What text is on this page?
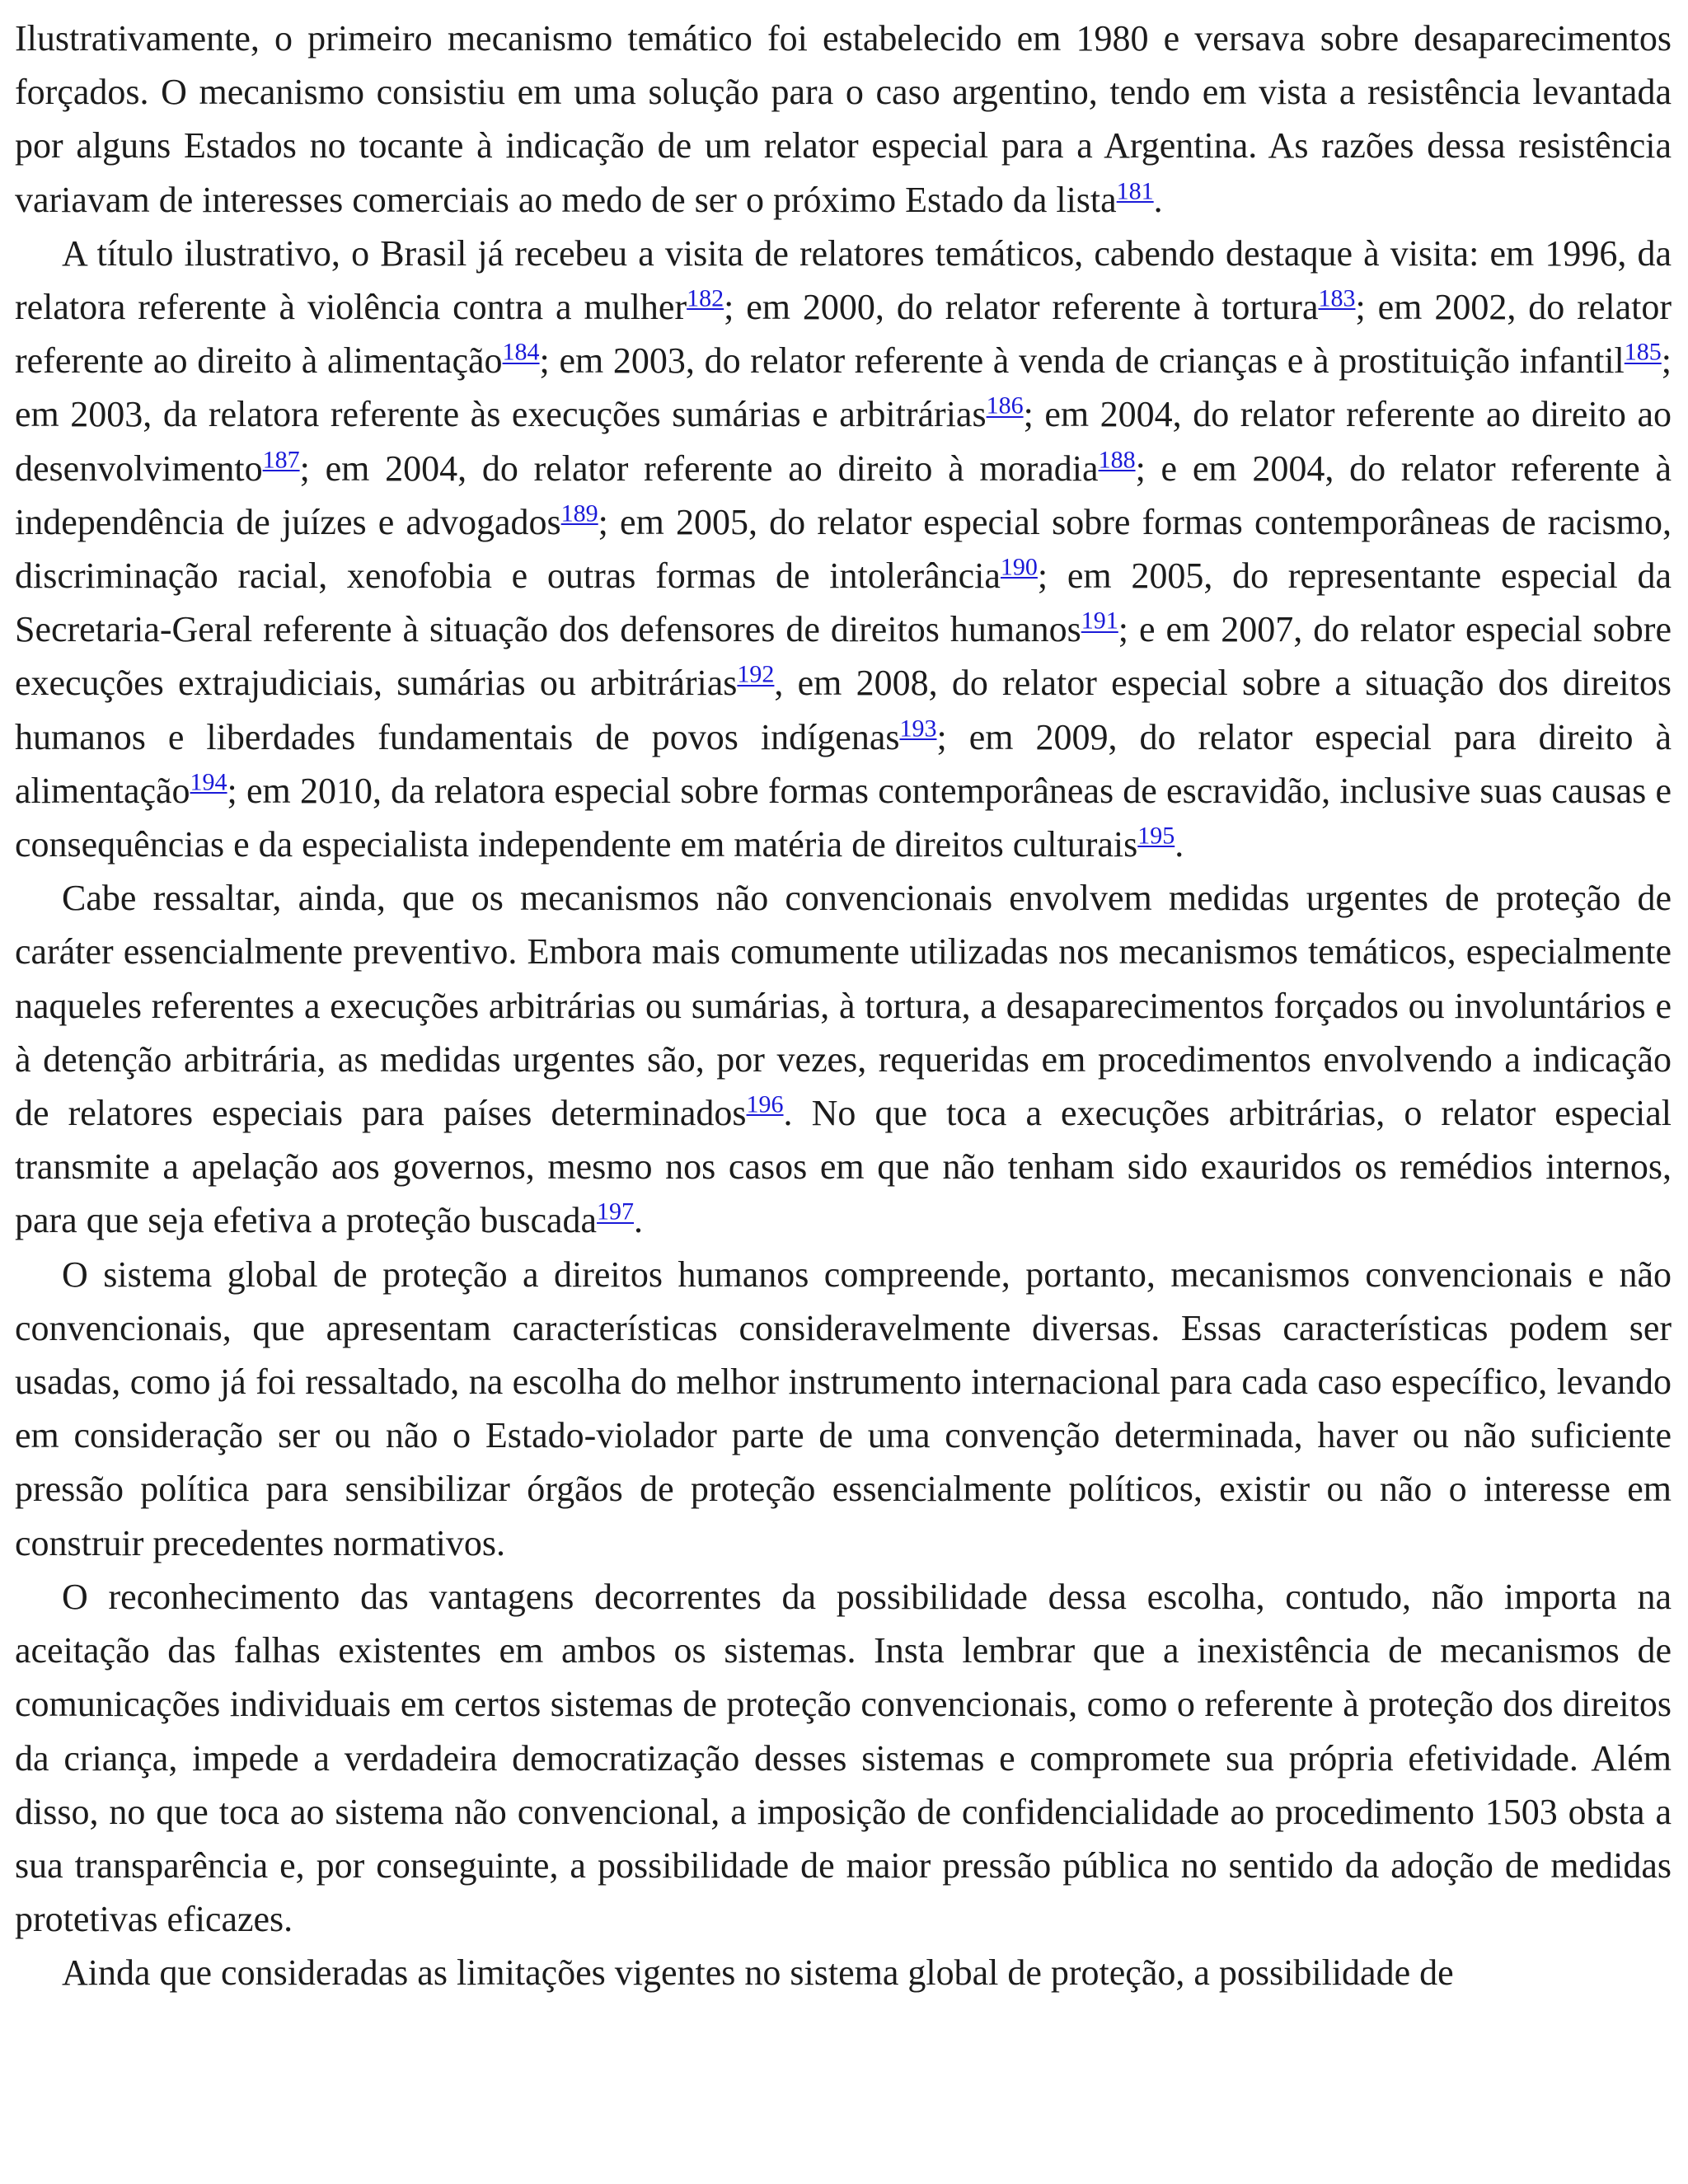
Ilustrativamente, o primeiro mecanismo temático foi estabelecido em 1980 e versava sobre desaparecimentos forçados. O mecanismo consistiu em uma solução para o caso argentino, tendo em vista a resistência levantada por alguns Estados no tocante à indicação de um relator especial para a Argentina. As razões dessa resistência variavam de interesses comerciais ao medo de ser o próximo Estado da lista$^{181}$.

A título ilustrativo, o Brasil já recebeu a visita de relatores temáticos, cabendo destaque à visita: em 1996, da relatora referente à violência contra a mulher$^{182}$; em 2000, do relator referente à tortura$^{183}$; em 2002, do relator referente ao direito à alimentação$^{184}$; em 2003, do relator referente à venda de crianças e à prostituição infantil$^{185}$; em 2003, da relatora referente às execuções sumárias e arbitrárias$^{186}$; em 2004, do relator referente ao direito ao desenvolvimento$^{187}$; em 2004, do relator referente ao direito à moradia$^{188}$; e em 2004, do relator referente à independência de juízes e advogados$^{189}$; em 2005, do relator especial sobre formas contemporâneas de racismo, discriminação racial, xenofobia e outras formas de intolerância$^{190}$; em 2005, do representante especial da Secretaria-Geral referente à situação dos defensores de direitos humanos$^{191}$; e em 2007, do relator especial sobre execuções extrajudiciais, sumárias ou arbitrárias$^{192}$, em 2008, do relator especial sobre a situação dos direitos humanos e liberdades fundamentais de povos indígenas$^{193}$; em 2009, do relator especial para direito à alimentação$^{194}$; em 2010, da relatora especial sobre formas contemporâneas de escravidão, inclusive suas causas e consequências e da especialista independente em matéria de direitos culturais$^{195}$.

Cabe ressaltar, ainda, que os mecanismos não convencionais envolvem medidas urgentes de proteção de caráter essencialmente preventivo. Embora mais comumente utilizadas nos mecanismos temáticos, especialmente naqueles referentes a execuções arbitrárias ou sumárias, à tortura, a desaparecimentos forçados ou involuntários e à detenção arbitrária, as medidas urgentes são, por vezes, requeridas em procedimentos envolvendo a indicação de relatores especiais para países determinados$^{196}$. No que toca a execuções arbitrárias, o relator especial transmite a apelação aos governos, mesmo nos casos em que não tenham sido exauridos os remédios internos, para que seja efetiva a proteção buscada$^{197}$.

O sistema global de proteção a direitos humanos compreende, portanto, mecanismos convencionais e não convencionais, que apresentam características consideravelmente diversas. Essas características podem ser usadas, como já foi ressaltado, na escolha do melhor instrumento internacional para cada caso específico, levando em consideração ser ou não o Estado-violador parte de uma convenção determinada, haver ou não suficiente pressão política para sensibilizar órgãos de proteção essencialmente políticos, existir ou não o interesse em construir precedentes normativos.

O reconhecimento das vantagens decorrentes da possibilidade dessa escolha, contudo, não importa na aceitação das falhas existentes em ambos os sistemas. Insta lembrar que a inexistência de mecanismos de comunicações individuais em certos sistemas de proteção convencionais, como o referente à proteção dos direitos da criança, impede a verdadeira democratização desses sistemas e compromete sua própria efetividade. Além disso, no que toca ao sistema não convencional, a imposição de confidencialidade ao procedimento 1503 obsta a sua transparência e, por conseguinte, a possibilidade de maior pressão pública no sentido da adoção de medidas protetivas eficazes.

Ainda que consideradas as limitações vigentes no sistema global de proteção, a possibilidade de
